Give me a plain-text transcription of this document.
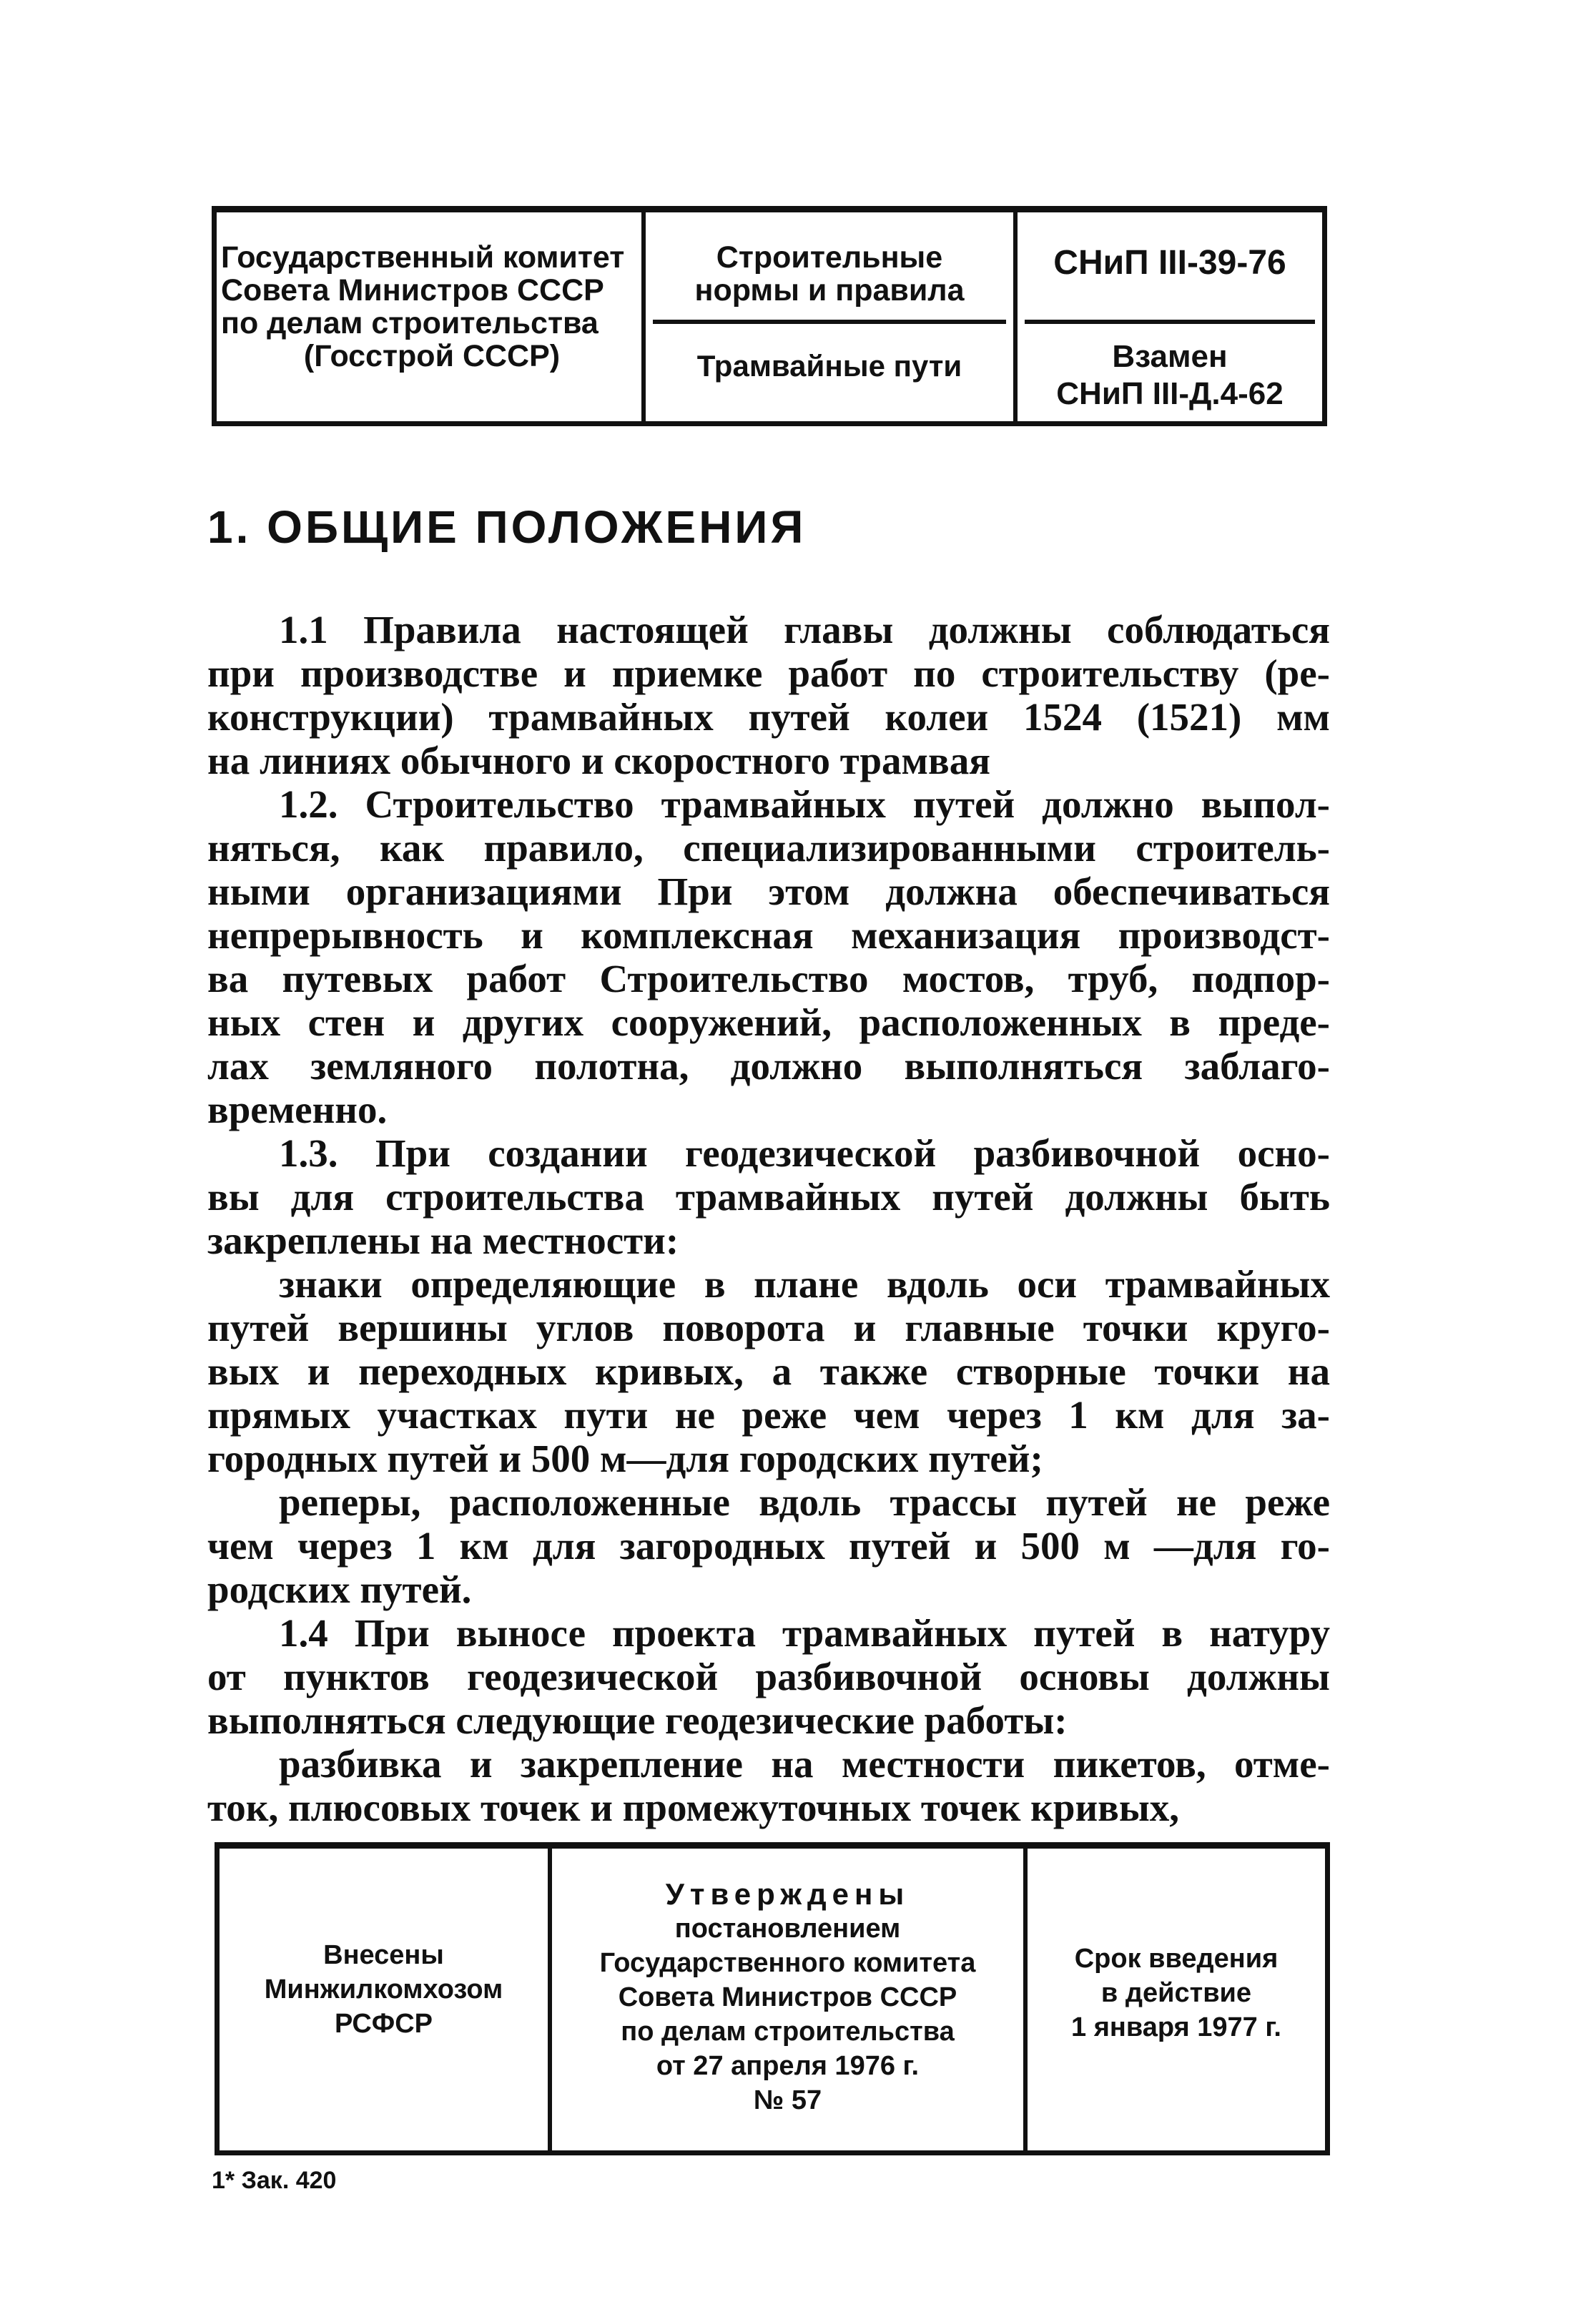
Государственный комитет
Совета Министров СССР
по делам строительства
(Госстрой СССР)
Строительные
нормы и правила
Трамвайные пути
СНиП III-39-76
Взамен
СНиП III-Д.4-62
1. ОБЩИЕ ПОЛОЖЕНИЯ
1.1 Правила настоящей главы должны соблюдаться
при производстве и приемке работ по строительству (ре-
конструкции) трамвайных путей колеи 1524 (1521) мм
на линиях обычного и скоростного трамвая
1.2. Строительство трамвайных путей должно выпол-
няться, как правило, специализированными строитель-
ными организациями При этом должна обеспечиваться
непрерывность и комплексная механизация производст-
ва путевых работ Строительство мостов, труб, подпор-
ных стен и других сооружений, расположенных в преде-
лах земляного полотна, должно выполняться заблаго-
временно.
1.3. При создании геодезической разбивочной осно-
вы для строительства трамвайных путей должны быть
закреплены на местности:
знаки определяющие в плане вдоль оси трамвайных
путей вершины углов поворота и главные точки круго-
вых и переходных кривых, а также створные точки на
прямых участках пути не реже чем через 1 км для за-
городных путей и 500 м—для городских путей;
реперы, расположенные вдоль трассы путей не реже
чем через 1 км для загородных путей и 500 м —для го-
родских путей.
1.4 При выносе проекта трамвайных путей в натуру
от пунктов геодезической разбивочной основы должны
выполняться следующие геодезические работы:
разбивка и закрепление на местности пикетов, отме-
ток, плюсовых точек и промежуточных точек кривых,
Внесены
Минжилкомхозом
РСФСР
Утверждены
постановлением
Государственного комитета
Совета Министров СССР
по делам строительства
от 27 апреля 1976 г.
№ 57
Срок введения
в действие
1 января 1977 г.
1* Зак. 420
